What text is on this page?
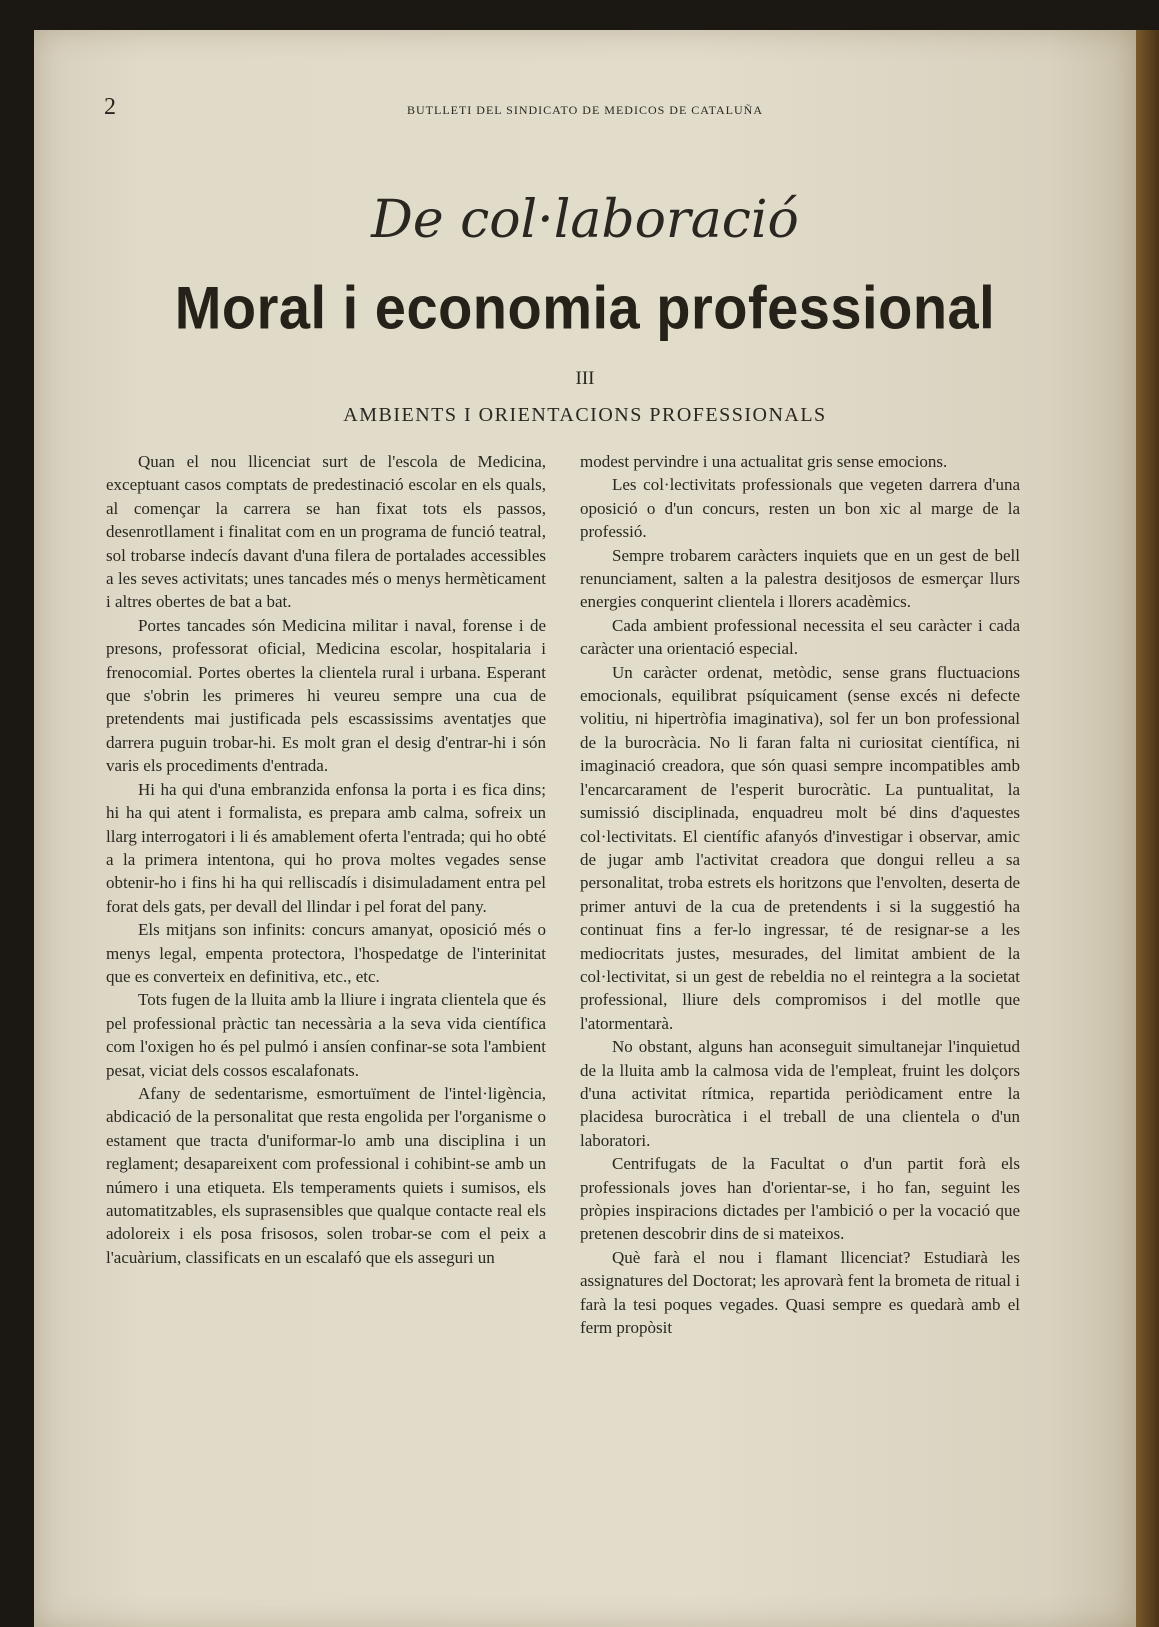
2	BUTLLETI DEL SINDICATO DE MEDICOS DE CATALUÑA
De col·laboració
Moral i economia professional
III
AMBIENTS I ORIENTACIONS PROFESSIONALS

Quan el nou llicenciat surt de l'escola de Medicina, exceptuant casos comptats de predestinació escolar en els quals, al començar la carrera se han fixat tots els passos, desenrotllament i finalitat com en un programa de funció teatral, sol trobarse indecís davant d'una filera de portalades accessibles a les seves activitats; unes tancades més o menys hermèticament i altres obertes de bat a bat.

Portes tancades són Medicina militar i naval, forense i de presons, professorat oficial, Medicina escolar, hospitalaria i frenocomial. Portes obertes la clientela rural i urbana. Esperant que s'obrin les primeres hi veureu sempre una cua de pretendents mai justificada pels escassissims aventatjes que darrera puguin trobar-hi. Es molt gran el desig d'entrar-hi i són varis els procediments d'entrada.

Hi ha qui d'una embranzida enfonsa la porta i es fica dins; hi ha qui atent i formalista, es prepara amb calma, sofreix un llarg interrogatori i li és amablement oferta l'entrada; qui ho obté a la primera intentona, qui ho prova moltes vegades sense obtenir-ho i fins hi ha qui relliscadís i disimuladament entra pel forat dels gats, per devall del llindar i pel forat del pany.

Els mitjans son infinits: concurs amanyat, oposició més o menys legal, empenta protectora, l'hospedatge de l'interinitat que es converteix en definitiva, etc., etc.

Tots fugen de la lluita amb la lliure i ingrata clientela que és pel professional pràctic tan necessària a la seva vida científica com l'oxigen ho és pel pulmó i ansíen confinar-se sota l'ambient pesat, viciat dels cossos escalafonats.

Afany de sedentarisme, esmortuïment de l'intel·ligència, abdicació de la personalitat que resta engolida per l'organisme o estament que tracta d'uniformar-lo amb una disciplina i un reglament; desapareixent com professional i cohibint-se amb un número i una etiqueta. Els temperaments quiets i sumisos, els automatitzables, els suprasensibles que qualque contacte real els adoloreix i els posa frisosos, solen trobar-se com el peix a l'acuàrium, classificats en un escalafó que els asseguri un

modest pervindre i una actualitat gris sense emocions.

Les col·lectivitats professionals que vegeten darrera d'una oposició o d'un concurs, resten un bon xic al marge de la professió.

Sempre trobarem caràcters inquiets que en un gest de bell renunciament, salten a la palestra desitjosos de esmerçar llurs energies conquerint clientela i llorers acadèmics.

Cada ambient professional necessita el seu caràcter i cada caràcter una orientació especial.

Un caràcter ordenat, metòdic, sense grans fluctuacions emocionals, equilibrat psíquicament (sense excés ni defecte volitiu, ni hipertròfia imaginativa), sol fer un bon professional de la burocràcia. No li faran falta ni curiositat científica, ni imaginació creadora, que són quasi sempre incompatibles amb l'encarcarament de l'esperit burocràtic. La puntualitat, la sumissió disciplinada, enquadreu molt bé dins d'aquestes col·lectivitats. El científic afanyós d'investigar i observar, amic de jugar amb l'activitat creadora que dongui relleu a sa personalitat, troba estrets els horitzons que l'envolten, deserta de primer antuvi de la cua de pretendents i si la suggestió ha continuat fins a fer-lo ingressar, té de resignar-se a les mediocritats justes, mesurades, del limitat ambient de la col·lectivitat, si un gest de rebeldia no el reintegra a la societat professional, lliure dels compromisos i del motlle que l'atormentarà.

No obstant, alguns han aconseguit simultanejar l'inquietud de la lluita amb la calmosa vida de l'empleat, fruint les dolçors d'una activitat rítmica, repartida periòdicament entre la placidesa burocràtica i el treball de una clientela o d'un laboratori.

Centrifugats de la Facultat o d'un partit forà els professionals joves han d'orientar-se, i ho fan, seguint les pròpies inspiracions dictades per l'ambició o per la vocació que pretenen descobrir dins de si mateixos.

Què farà el nou i flamant llicenciat? Estudiarà les assignatures del Doctorat; les aprovarà fent la brometa de ritual i farà la tesi poques vegades. Quasi sempre es quedarà amb el ferm propòsit
